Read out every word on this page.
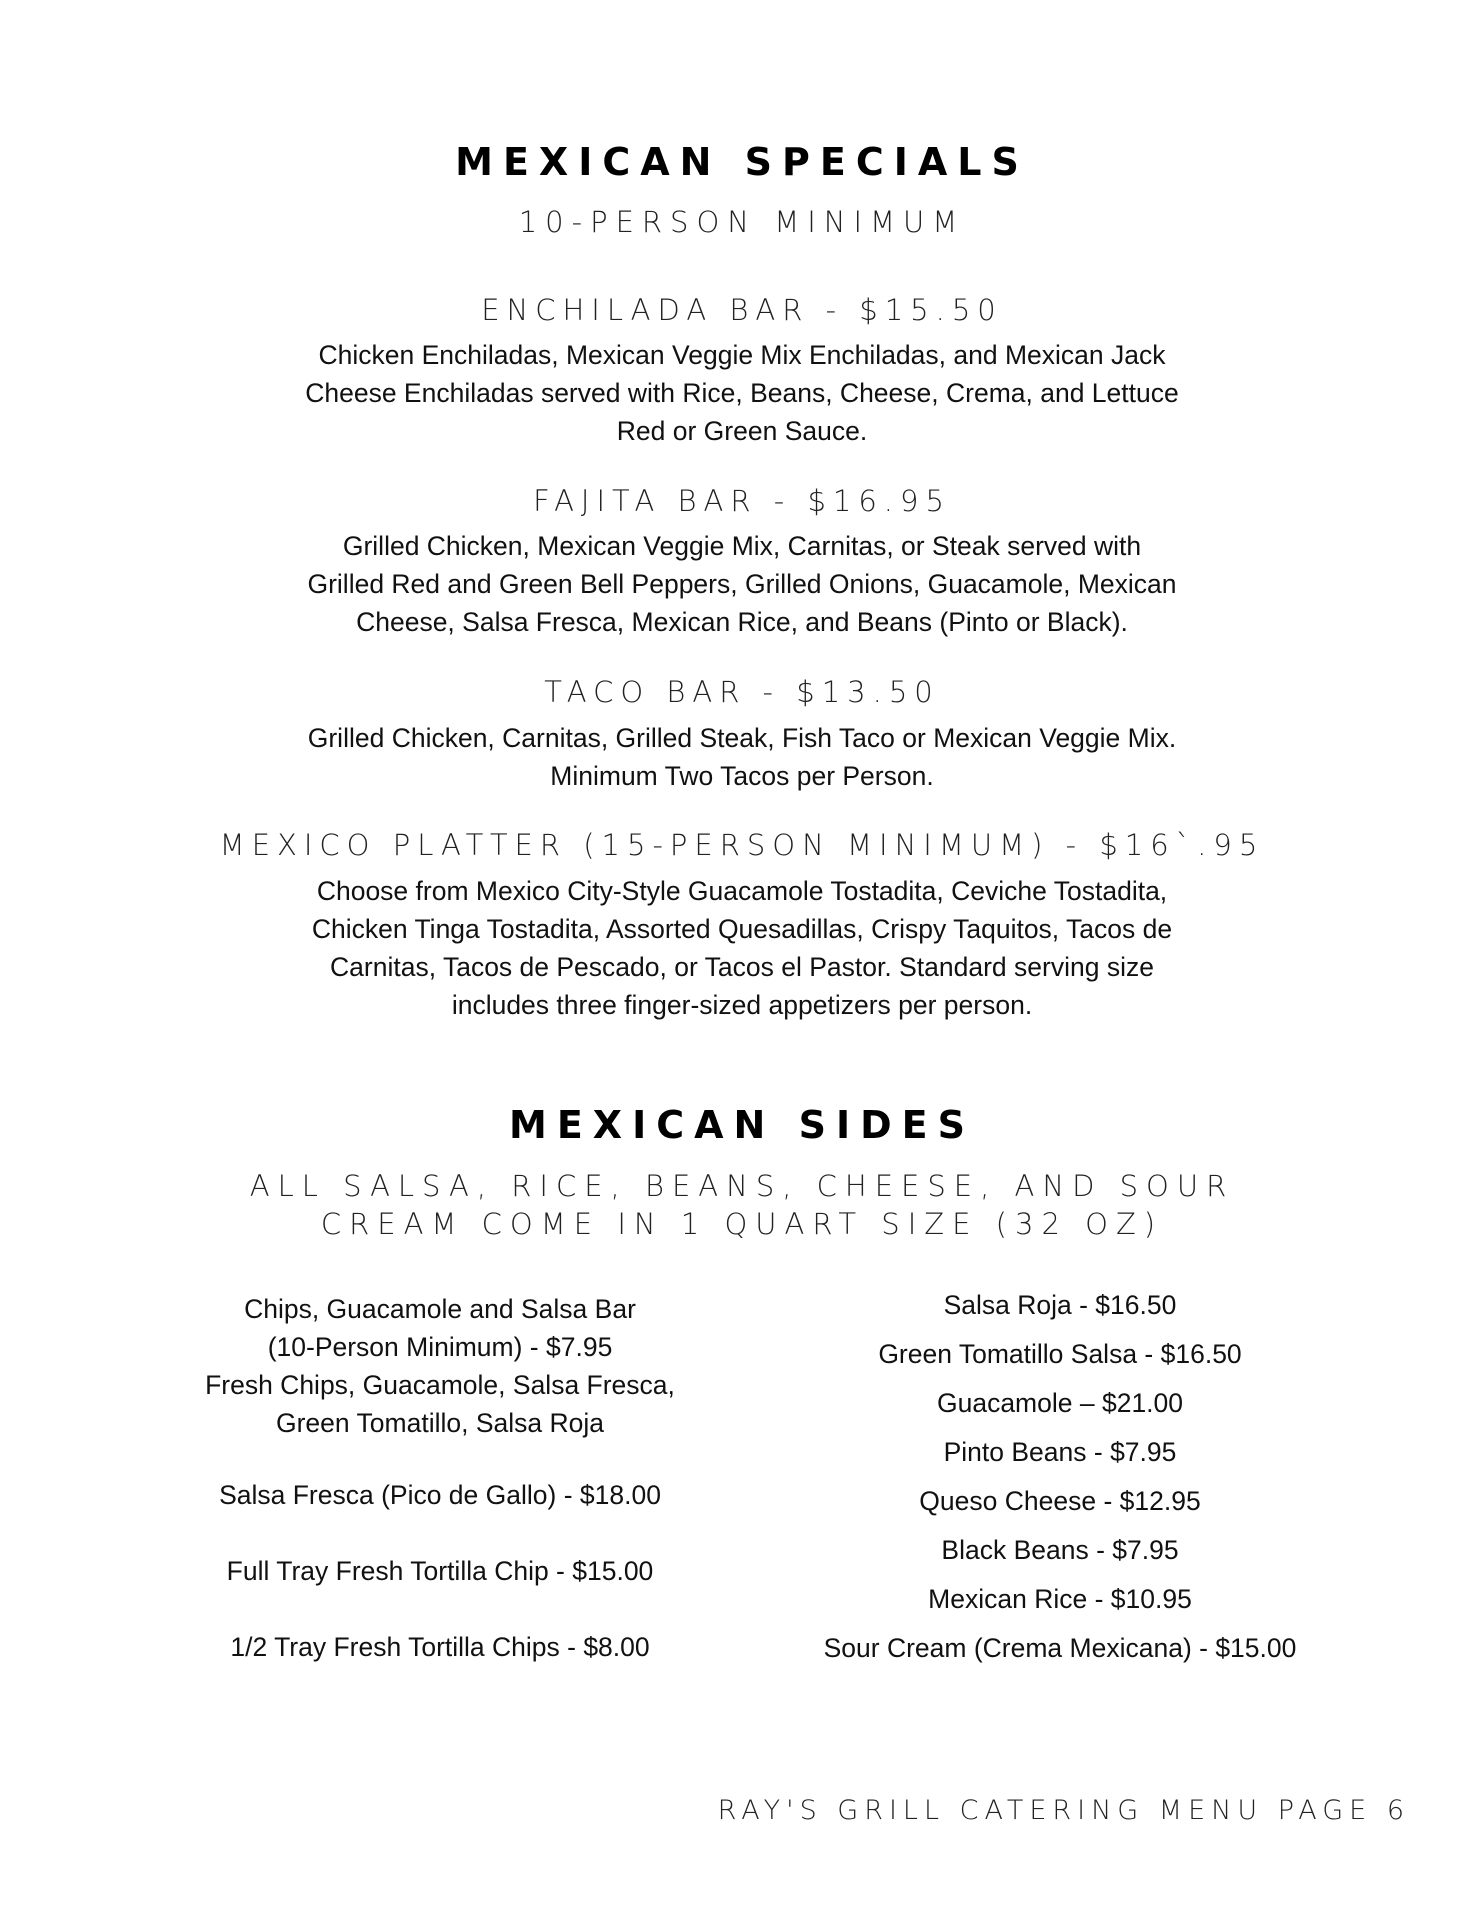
MEXICAN SPECIALS
10-PERSON MINIMUM
ENCHILADA BAR - $15.50
Chicken Enchiladas, Mexican Veggie Mix Enchiladas, and Mexican Jack
Cheese Enchiladas served with Rice, Beans, Cheese, Crema, and Lettuce
Red or Green Sauce.
FAJITA BAR - $16.95
Grilled Chicken, Mexican Veggie Mix, Carnitas, or Steak served with
Grilled Red and Green Bell Peppers, Grilled Onions, Guacamole, Mexican
Cheese, Salsa Fresca, Mexican Rice, and Beans (Pinto or Black).
TACO BAR - $13.50
Grilled Chicken, Carnitas, Grilled Steak, Fish Taco or Mexican Veggie Mix.
Minimum Two Tacos per Person.
MEXICO PLATTER (15-PERSON MINIMUM) - $16`.95
Choose from Mexico City-Style Guacamole Tostadita, Ceviche Tostadita,
Chicken Tinga Tostadita, Assorted Quesadillas, Crispy Taquitos, Tacos de
Carnitas, Tacos de Pescado, or Tacos el Pastor. Standard serving size
includes three finger-sized appetizers per person.
MEXICAN SIDES
ALL SALSA, RICE, BEANS, CHEESE, AND SOUR
CREAM COME IN 1 QUART SIZE (32 OZ)
Chips, Guacamole and Salsa Bar
(10-Person Minimum) - $7.95
Fresh Chips, Guacamole, Salsa Fresca,
Green Tomatillo, Salsa Roja
Salsa Fresca (Pico de Gallo) - $18.00
Full Tray Fresh Tortilla Chip - $15.00
1/2 Tray Fresh Tortilla Chips - $8.00
Salsa Roja - $16.50
Green Tomatillo Salsa - $16.50
Guacamole – $21.00
Pinto Beans - $7.95
Queso Cheese - $12.95
Black Beans - $7.95
Mexican Rice - $10.95
Sour Cream (Crema Mexicana) - $15.00
RAY'S GRILL CATERING MENU PAGE 6
